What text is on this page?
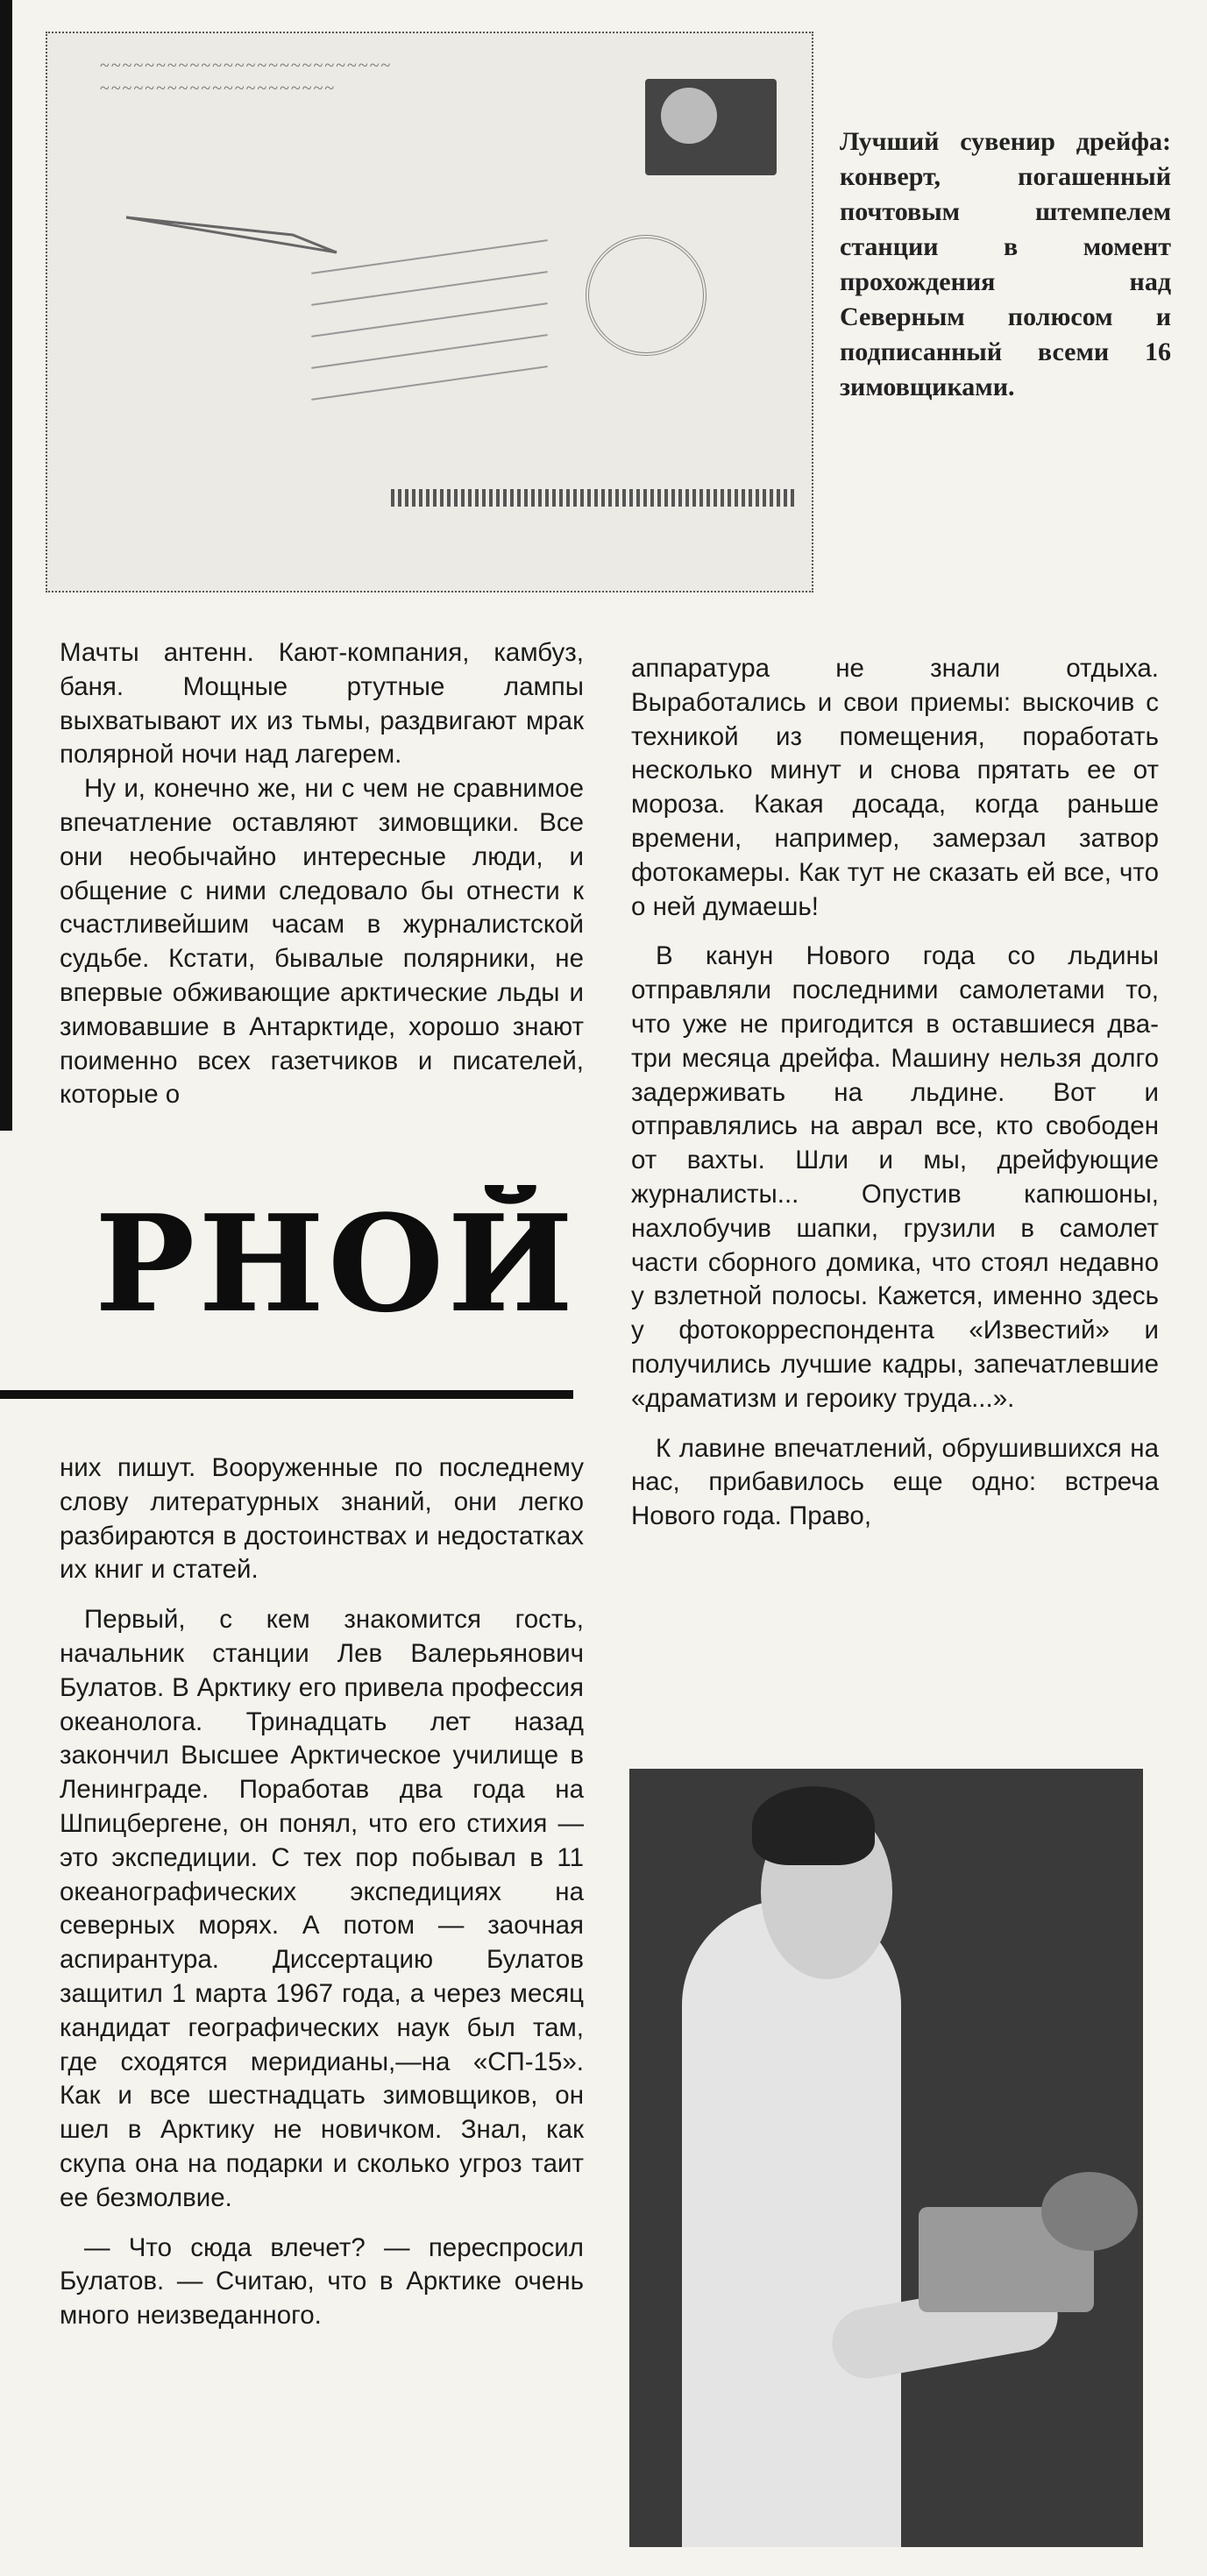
~~~~~~~~~~~~~~~~~~~~~~~~~~
~~~~~~~~~~~~~~~~~~~~~
Лучший сувенир дрейфа: конверт, погашенный почтовым штемпелем станции в момент прохождения над Северным полюсом и подписанный всеми 16 зимовщиками.

Мачты антенн. Кают-компания, камбуз, баня. Мощные ртутные лампы выхватывают их из тьмы, раздвигают мрак полярной ночи над лагерем.

Ну и, конечно же, ни с чем не сравнимое впечатление оставляют зимовщики. Все они необычайно интересные люди, и общение с ними следовало бы отнести к счастливейшим часам в журналистской судьбе. Кстати, бывалые полярники, не впервые обживающие арктические льды и зимовавшие в Антарктиде, хорошо знают поименно всех газетчиков и писателей, которые о

РНОЙ

них пишут. Вооруженные по последнему слову литературных знаний, они легко разбираются в достоинствах и недостатках их книг и статей.

Первый, с кем знакомится гость, начальник станции Лев Валерьянович Булатов. В Арктику его привела профессия океанолога. Тринадцать лет назад закончил Высшее Арктическое училище в Ленинграде. Поработав два года на Шпицбергене, он понял, что его стихия — это экспедиции. С тех пор побывал в 11 океанографических экспедициях на северных морях. А потом — заочная аспирантура. Диссертацию Булатов защитил 1 марта 1967 года, а через месяц кандидат географических наук был там, где сходятся меридианы,—на «СП-15». Как и все шестнадцать зимовщиков, он шел в Арктику не новичком. Знал, как скупа она на подарки и сколько угроз таит ее безмолвие.

— Что сюда влечет? — переспросил Булатов. — Считаю, что в Арктике очень много неизведанного.

аппаратура не знали отдыха. Выработались и свои приемы: выскочив с техникой из помещения, поработать несколько минут и снова прятать ее от мороза. Какая досада, когда раньше времени, например, замерзал затвор фотокамеры. Как тут не сказать ей все, что о ней думаешь!

В канун Нового года со льдины отправляли последними самолетами то, что уже не пригодится в оставшиеся два-три месяца дрейфа. Машину нельзя долго задерживать на льдине. Вот и отправлялись на аврал все, кто свободен от вахты. Шли и мы, дрейфующие журналисты... Опустив капюшоны, нахлобучив шапки, грузили в самолет части сборного домика, что стоял недавно у взлетной полосы. Кажется, именно здесь у фотокорреспондента «Известий» и получились лучшие кадры, запечатлевшие «драматизм и героику труда...».

К лавине впечатлений, обрушившихся на нас, прибавилось еще одно: встреча Нового года. Право,
